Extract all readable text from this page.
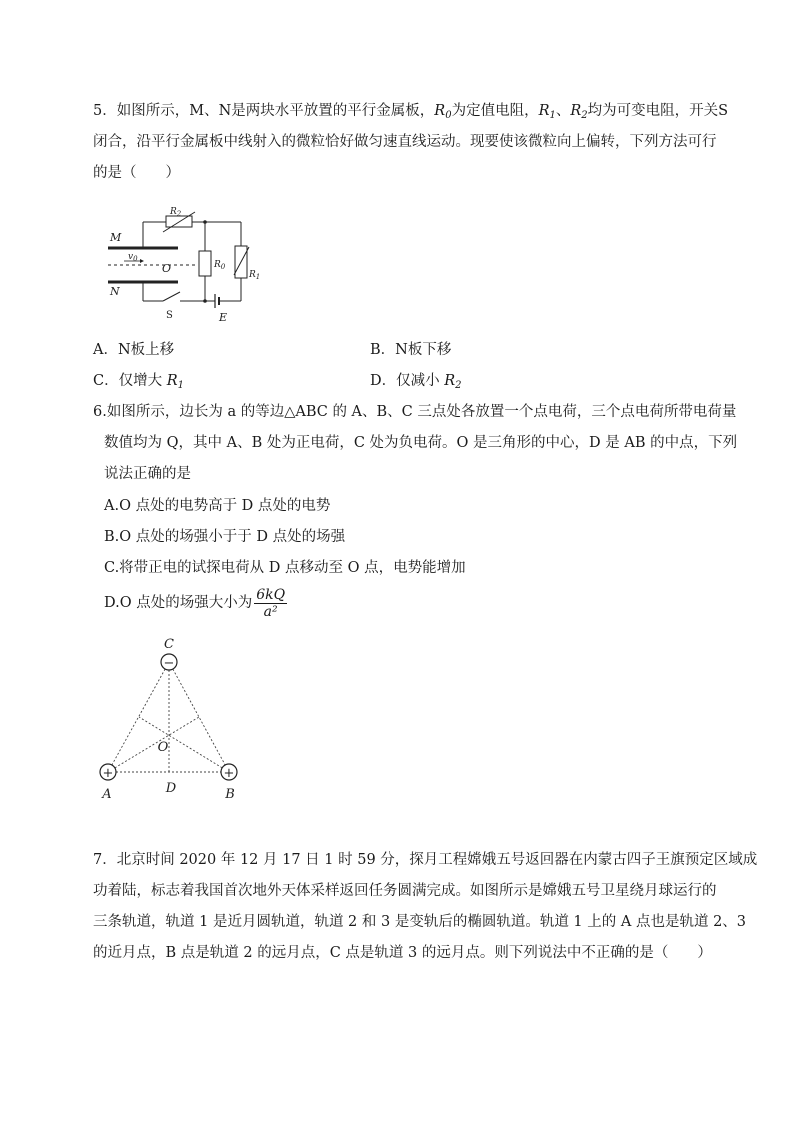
5．如图所示，M、N是两块水平放置的平行金属板，$R_0$为定值电阻，$R_1$、$R_2$均为可变电阻，开关S
闭合，沿平行金属板中线射入的微粒恰好做匀速直线运动。现要使该微粒向上偏转，下列方法可行
的是（　　）
M
N
O
E
$v_0$
$R_2$
$R_0$
$R_1$
S
A．N板上移	B．N板下移
C．仅增大 $R_1$	D．仅减小 $R_2$
6.如图所示，边长为 a 的等边△ABC 的 A、B、C 三点处各放置一个点电荷，三个点电荷所带电荷量
数值均为 Q，其中 A、B 处为正电荷，C 处为负电荷。O 是三角形的中心，D 是 AB 的中点，下列
说法正确的是
A.O 点处的电势高于 D 点处的电势
B.O 点处的场强小于于 D 点处的场强
C.将带正电的试探电荷从 D 点移动至 O 点，电势能增加
D.O 点处的场强大小为 $\frac{6kQ}{\text{a²}}$
−
+	+
C
A	B
D
O
7．北京时间 2020 年 12 月 17 日 1 时 59 分，探月工程嫦娥五号返回器在内蒙古四子王旗预定区域成
功着陆，标志着我国首次地外天体采样返回任务圆满完成。如图所示是嫦娥五号卫星绕月球运行的
三条轨道，轨道 1 是近月圆轨道，轨道 2 和 3 是变轨后的椭圆轨道。轨道 1 上的 A 点也是轨道 2、3
的近月点，B 点是轨道 2 的远月点，C 点是轨道 3 的远月点。则下列说法中不正确的是（　　）
